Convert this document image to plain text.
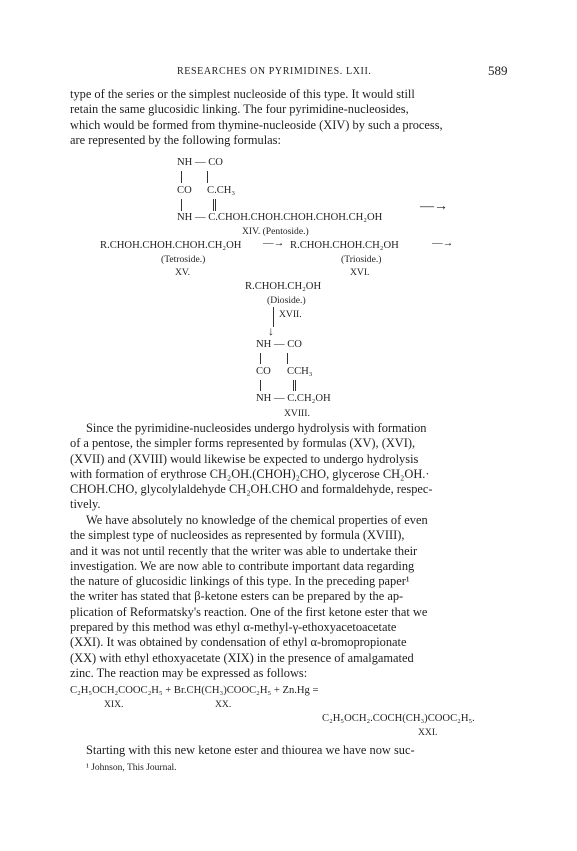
RESEARCHES ON PYRIMIDINES. LXII.	589
type of the series or the simplest nucleoside of this type. It would still
retain the same glucosidic linking. The four pyrimidine-nucleosides,
which would be formed from thymine-nucleoside (XIV) by such a process,
are represented by the following formulas:
NH — CO
CO C.CH₃
—→
NH — C.CHOH.CHOH.CHOH.CHOH.CH₂OH
XIV. (Pentoside.)
R.CHOH.CHOH.CHOH.CH₂OH —→ R.CHOH.CHOH.CH₂OH	—→
(Tetroside.)	(Trioside.)
XV.	XVI.
R.CHOH.CH₂OH
(Dioside.)
↓
XVII.
NH — CO
CO CCH₃
NH — C.CH₂OH
XVIII.
Since the pyrimidine-nucleosides undergo hydrolysis with formation
of a pentose, the simpler forms represented by formulas (XV), (XVI),
(XVII) and (XVIII) would likewise be expected to undergo hydrolysis
with formation of erythrose CH₂OH.(CHOH)₂CHO, glycerose CH₂OH.·
CHOH.CHO, glycolylaldehyde CH₂OH.CHO and formaldehyde, respec-
tively.
We have absolutely no knowledge of the chemical properties of even
the simplest type of nucleosides as represented by formula (XVIII),
and it was not until recently that the writer was able to undertake their
investigation. We are now able to contribute important data regarding
the nature of glucosidic linkings of this type. In the preceding paper¹
the writer has stated that β-ketone esters can be prepared by the ap-
plication of Reformatsky's reaction. One of the first ketone ester that we
prepared by this method was ethyl α-methyl-γ-ethoxyacetoacetate
(XXI). It was obtained by condensation of ethyl α-bromopropionate
(XX) with ethyl ethoxyacetate (XIX) in the presence of amalgamated
zinc. The reaction may be expressed as follows:
C₂H₅OCH₂COOC₂H₅ + Br.CH(CH₃)COOC₂H₅ + Zn.Hg =
XIX.	XX.
C₂H₅OCH₂.COCH(CH₃)COOC₂H₅.
XXI.
Starting with this new ketone ester and thiourea we have now suc-
¹ Johnson, This Journal.
